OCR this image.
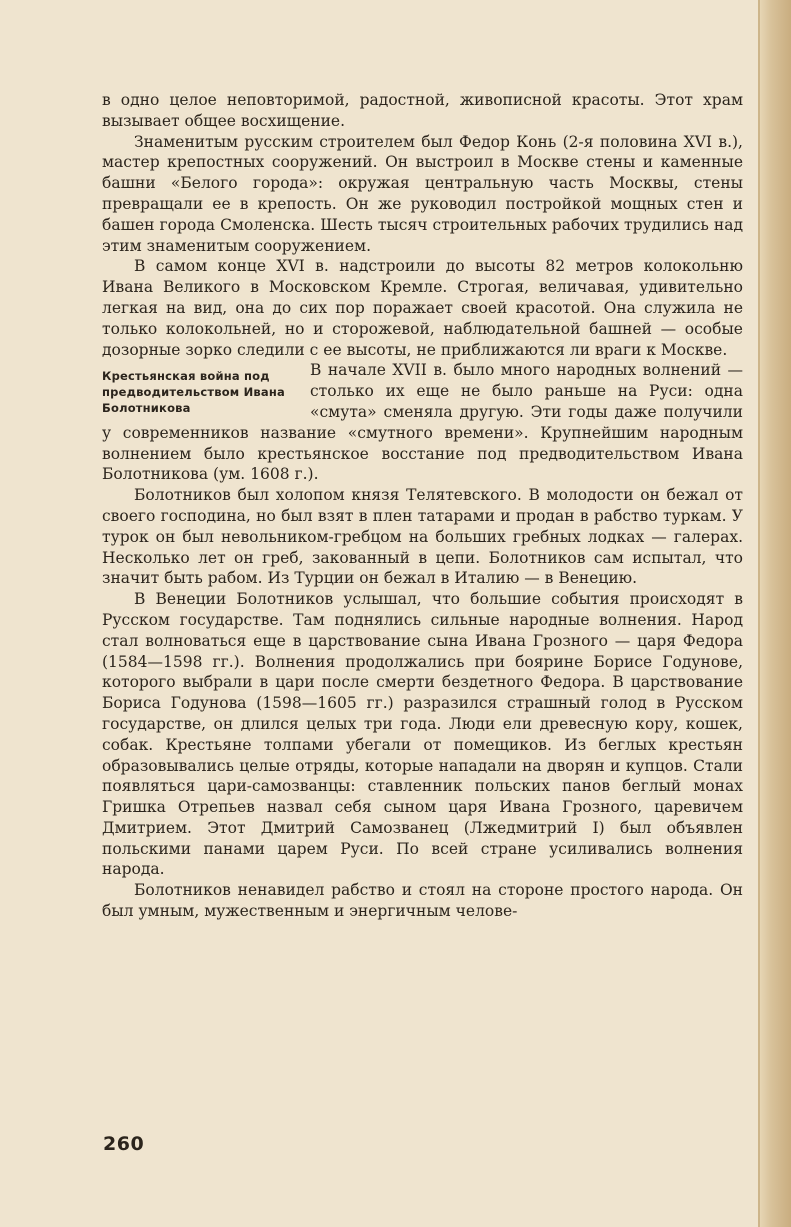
в одно целое неповторимой, радостной, живописной красоты. Этот храм вызывает общее восхищение.

Знаменитым русским строителем был Федор Конь (2-я половина XVI в.), мастер крепостных сооружений. Он выстроил в Москве стены и каменные башни «Белого города»: окружая центральную часть Москвы, стены превращали ее в крепость. Он же руководил постройкой мощных стен и башен города Смоленска. Шесть тысяч строительных рабочих трудились над этим знаменитым сооружением.

В самом конце XVI в. надстроили до высоты 82 метров колокольню Ивана Великого в Московском Кремле. Строгая, величавая, удивительно легкая на вид, она до сих пор поражает своей красотой. Она служила не только колокольней, но и сторожевой, наблюдательной башней — особые дозорные зорко следили с ее высоты, не приближаются ли враги к Москве.

Крестьянская война под предводительством Ивана Болотникова

В начале XVII в. было много народных волнений — столько их еще не было раньше на Руси: одна «смута» сменяла другую. Эти годы даже получили у современников название «смутного времени». Крупнейшим народным волнением было крестьянское восстание под предводительством Ивана Болотникова (ум. 1608 г.).

Болотников был холопом князя Телятевского. В молодости он бежал от своего господина, но был взят в плен татарами и продан в рабство туркам. У турок он был невольником-гребцом на больших гребных лодках — галерах. Несколько лет он греб, закованный в цепи. Болотников сам испытал, что значит быть рабом. Из Турции он бежал в Италию — в Венецию.

В Венеции Болотников услышал, что большие события происходят в Русском государстве. Там поднялись сильные народные волнения. Народ стал волноваться еще в царствование сына Ивана Грозного — царя Федора (1584—1598 гг.). Волнения продолжались при боярине Борисе Годунове, которого выбрали в цари после смерти бездетного Федора. В царствование Бориса Годунова (1598—1605 гг.) разразился страшный голод в Русском государстве, он длился целых три года. Люди ели древесную кору, кошек, собак. Крестьяне толпами убегали от помещиков. Из беглых крестьян образовывались целые отряды, которые нападали на дворян и купцов. Стали появляться цари-самозванцы: ставленник польских панов беглый монах Гришка Отрепьев назвал себя сыном царя Ивана Грозного, царевичем Дмитрием. Этот Дмитрий Самозванец (Лжедмитрий I) был объявлен польскими панами царем Руси. По всей стране усиливались волнения народа.

Болотников ненавидел рабство и стоял на стороне простого народа. Он был умным, мужественным и энергичным челове-

260
